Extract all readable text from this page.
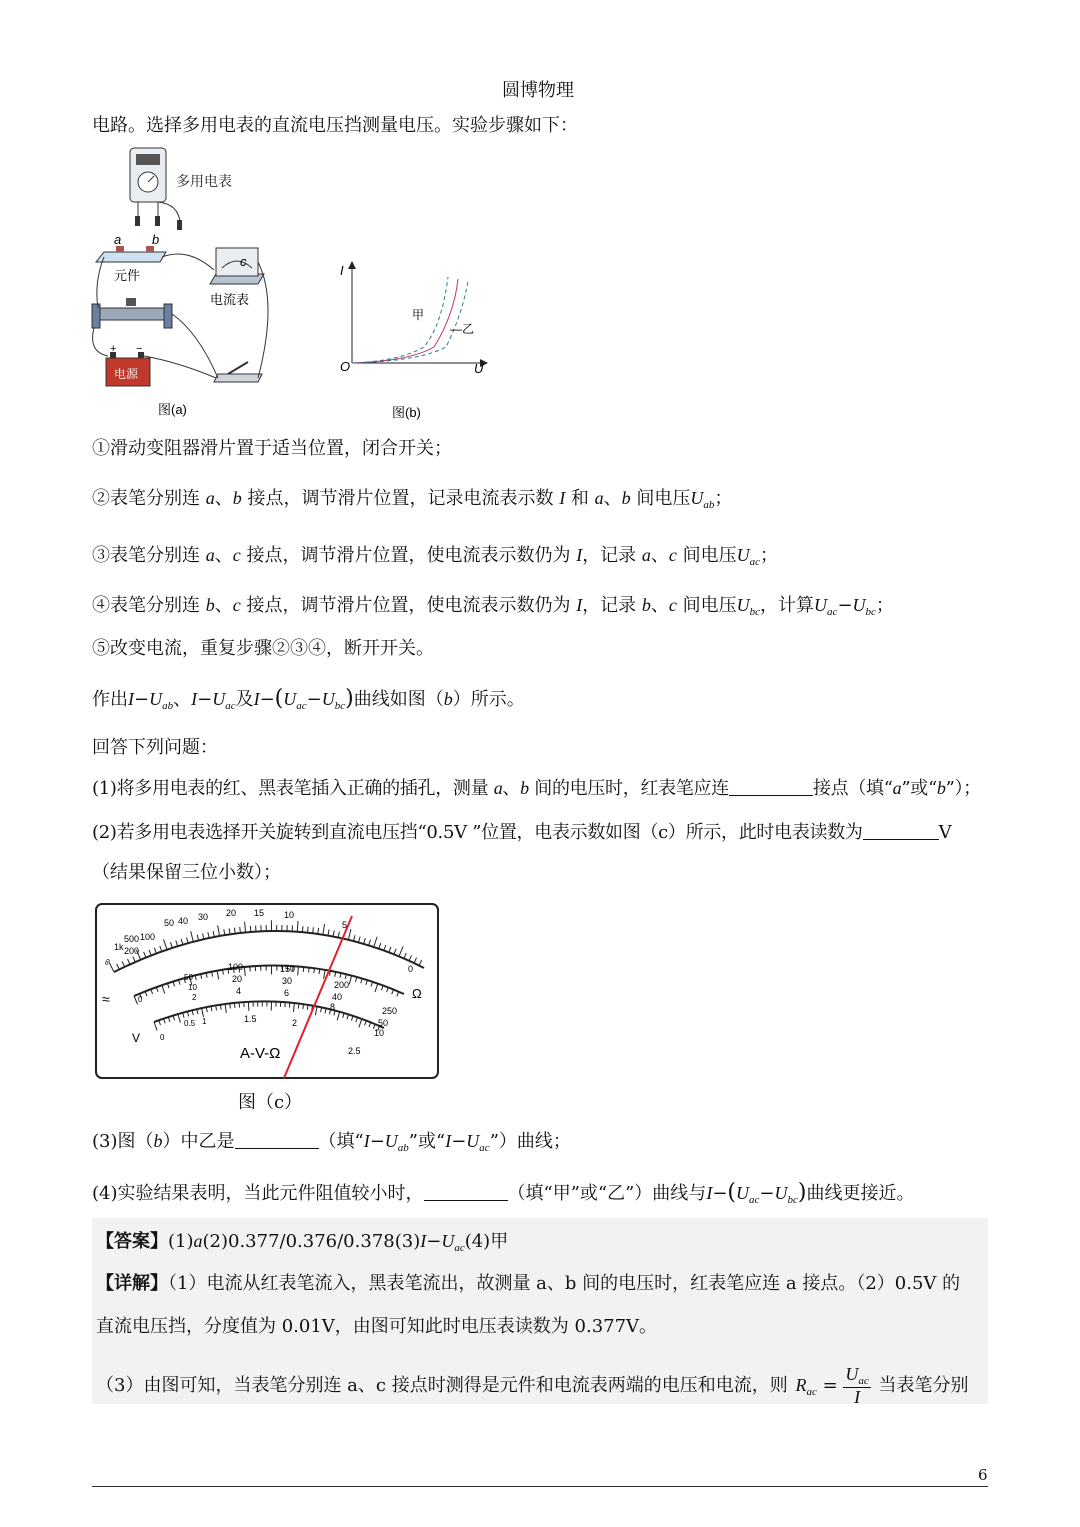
圆博物理
电路。选择多用电表的直流电压挡测量电压。实验步骤如下：
多用电表
a b
元件
c
电流表
+ −
电源
图(a)
I
U
O
甲
—乙
图(b)
①滑动变阻器滑片置于适当位置，闭合开关；
②表笔分别连 a、b 接点，调节滑片位置，记录电流表示数 I 和 a、b 间电压$U_{ab}$；
③表笔分别连 a、c 接点，调节滑片位置，使电流表示数仍为 I，记录 a、c 间电压$U_{ac}$；
④表笔分别连 b、c 接点，调节滑片位置，使电流表示数仍为 I，记录 b、c 间电压$U_{bc}$，计算$U_{ac}-U_{bc}$；
⑤改变电流，重复步骤②③④，断开开关。
作出$I-U_{ab}$、$I-U_{ac}$及$I-(U_{ac}-U_{bc})$曲线如图（b）所示。
回答下列问题：
(1)将多用电表的红、黑表笔插入正确的插孔，测量 a、b 间的电压时，红表笔应连	接点（填“a”或“b”）；
(2)若多用电表选择开关旋转到直流电压挡“0.5V ”位置，电表示数如图（c）所示，此时电表读数为	V
（结果保留三位小数）；
∞
1k
500
200
100
50 40 30 20 15 10
5
0
0
50
10
2
100
20
4
150
30
6
200
40
8	250
50
10
0
0.5 1	1.5	2
2.5
≈
V
Ω
A-V-Ω
图（c）
(3)图（b）中乙是	（填“$I-U_{ab}$”或“$I-U_{ac}$”）曲线；
(4)实验结果表明，当此元件阻值较小时，	（填“甲”或“乙”）曲线与$I-(U_{ac}-U_{bc})$曲线更接近。
【答案】$(1)a(2)0.377/0.376/0.378(3)I-U_{ac}(4)$甲
【详解】（1）电流从红表笔流入，黑表笔流出，故测量 a、b 间的电压时，红表笔应连 a 接点。（2）0.5V 的
直流电压挡，分度值为 0.01V，由图可知此时电压表读数为 0.377V。
（3）由图可知，当表笔分别连 a、c 接点时测得是元件和电流表两端的电压和电流，则 $R_{ac}$ =
$U_{ac}$
I
当表笔分别
6
